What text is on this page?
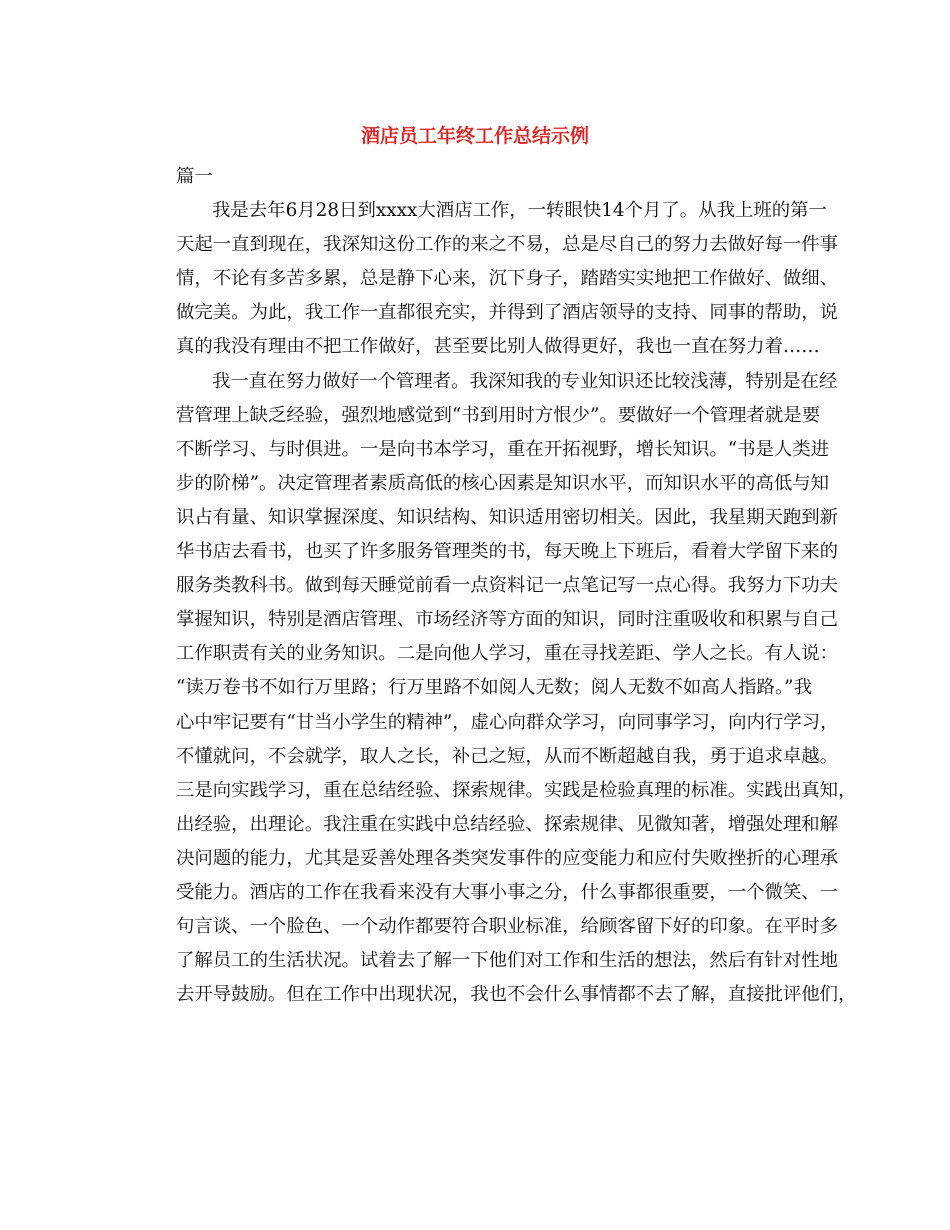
酒店员工年终工作总结示例
篇一
我是去年6月28日到xxxx大酒店工作，一转眼快14个月了。从我上班的第一
天起一直到现在，我深知这份工作的来之不易，总是尽自己的努力去做好每一件事
情，不论有多苦多累，总是静下心来，沉下身子，踏踏实实地把工作做好、做细、
做完美。为此，我工作一直都很充实，并得到了酒店领导的支持、同事的帮助，说
真的我没有理由不把工作做好，甚至要比别人做得更好，我也一直在努力着……
我一直在努力做好一个管理者。我深知我的专业知识还比较浅薄，特别是在经
营管理上缺乏经验，强烈地感觉到“书到用时方恨少”。要做好一个管理者就是要
不断学习、与时俱进。一是向书本学习，重在开拓视野，增长知识。“书是人类进
步的阶梯”。决定管理者素质高低的核心因素是知识水平，而知识水平的高低与知
识占有量、知识掌握深度、知识结构、知识适用密切相关。因此，我星期天跑到新
华书店去看书，也买了许多服务管理类的书，每天晚上下班后，看着大学留下来的
服务类教科书。做到每天睡觉前看一点资料记一点笔记写一点心得。我努力下功夫
掌握知识，特别是酒店管理、市场经济等方面的知识，同时注重吸收和积累与自己
工作职责有关的业务知识。二是向他人学习，重在寻找差距、学人之长。有人说：
“读万卷书不如行万里路；行万里路不如阅人无数；阅人无数不如高人指路。”我
心中牢记要有“甘当小学生的精神”，虚心向群众学习，向同事学习，向内行学习，
不懂就问，不会就学，取人之长，补己之短，从而不断超越自我，勇于追求卓越。
三是向实践学习，重在总结经验、探索规律。实践是检验真理的标准。实践出真知，
出经验，出理论。我注重在实践中总结经验、探索规律、见微知著，增强处理和解
决问题的能力，尤其是妥善处理各类突发事件的应变能力和应付失败挫折的心理承
受能力。酒店的工作在我看来没有大事小事之分，什么事都很重要，一个微笑、一
句言谈、一个脸色、一个动作都要符合职业标准，给顾客留下好的印象。在平时多
了解员工的生活状况。试着去了解一下他们对工作和生活的想法，然后有针对性地
去开导鼓励。但在工作中出现状况，我也不会什么事情都不去了解，直接批评他们，
